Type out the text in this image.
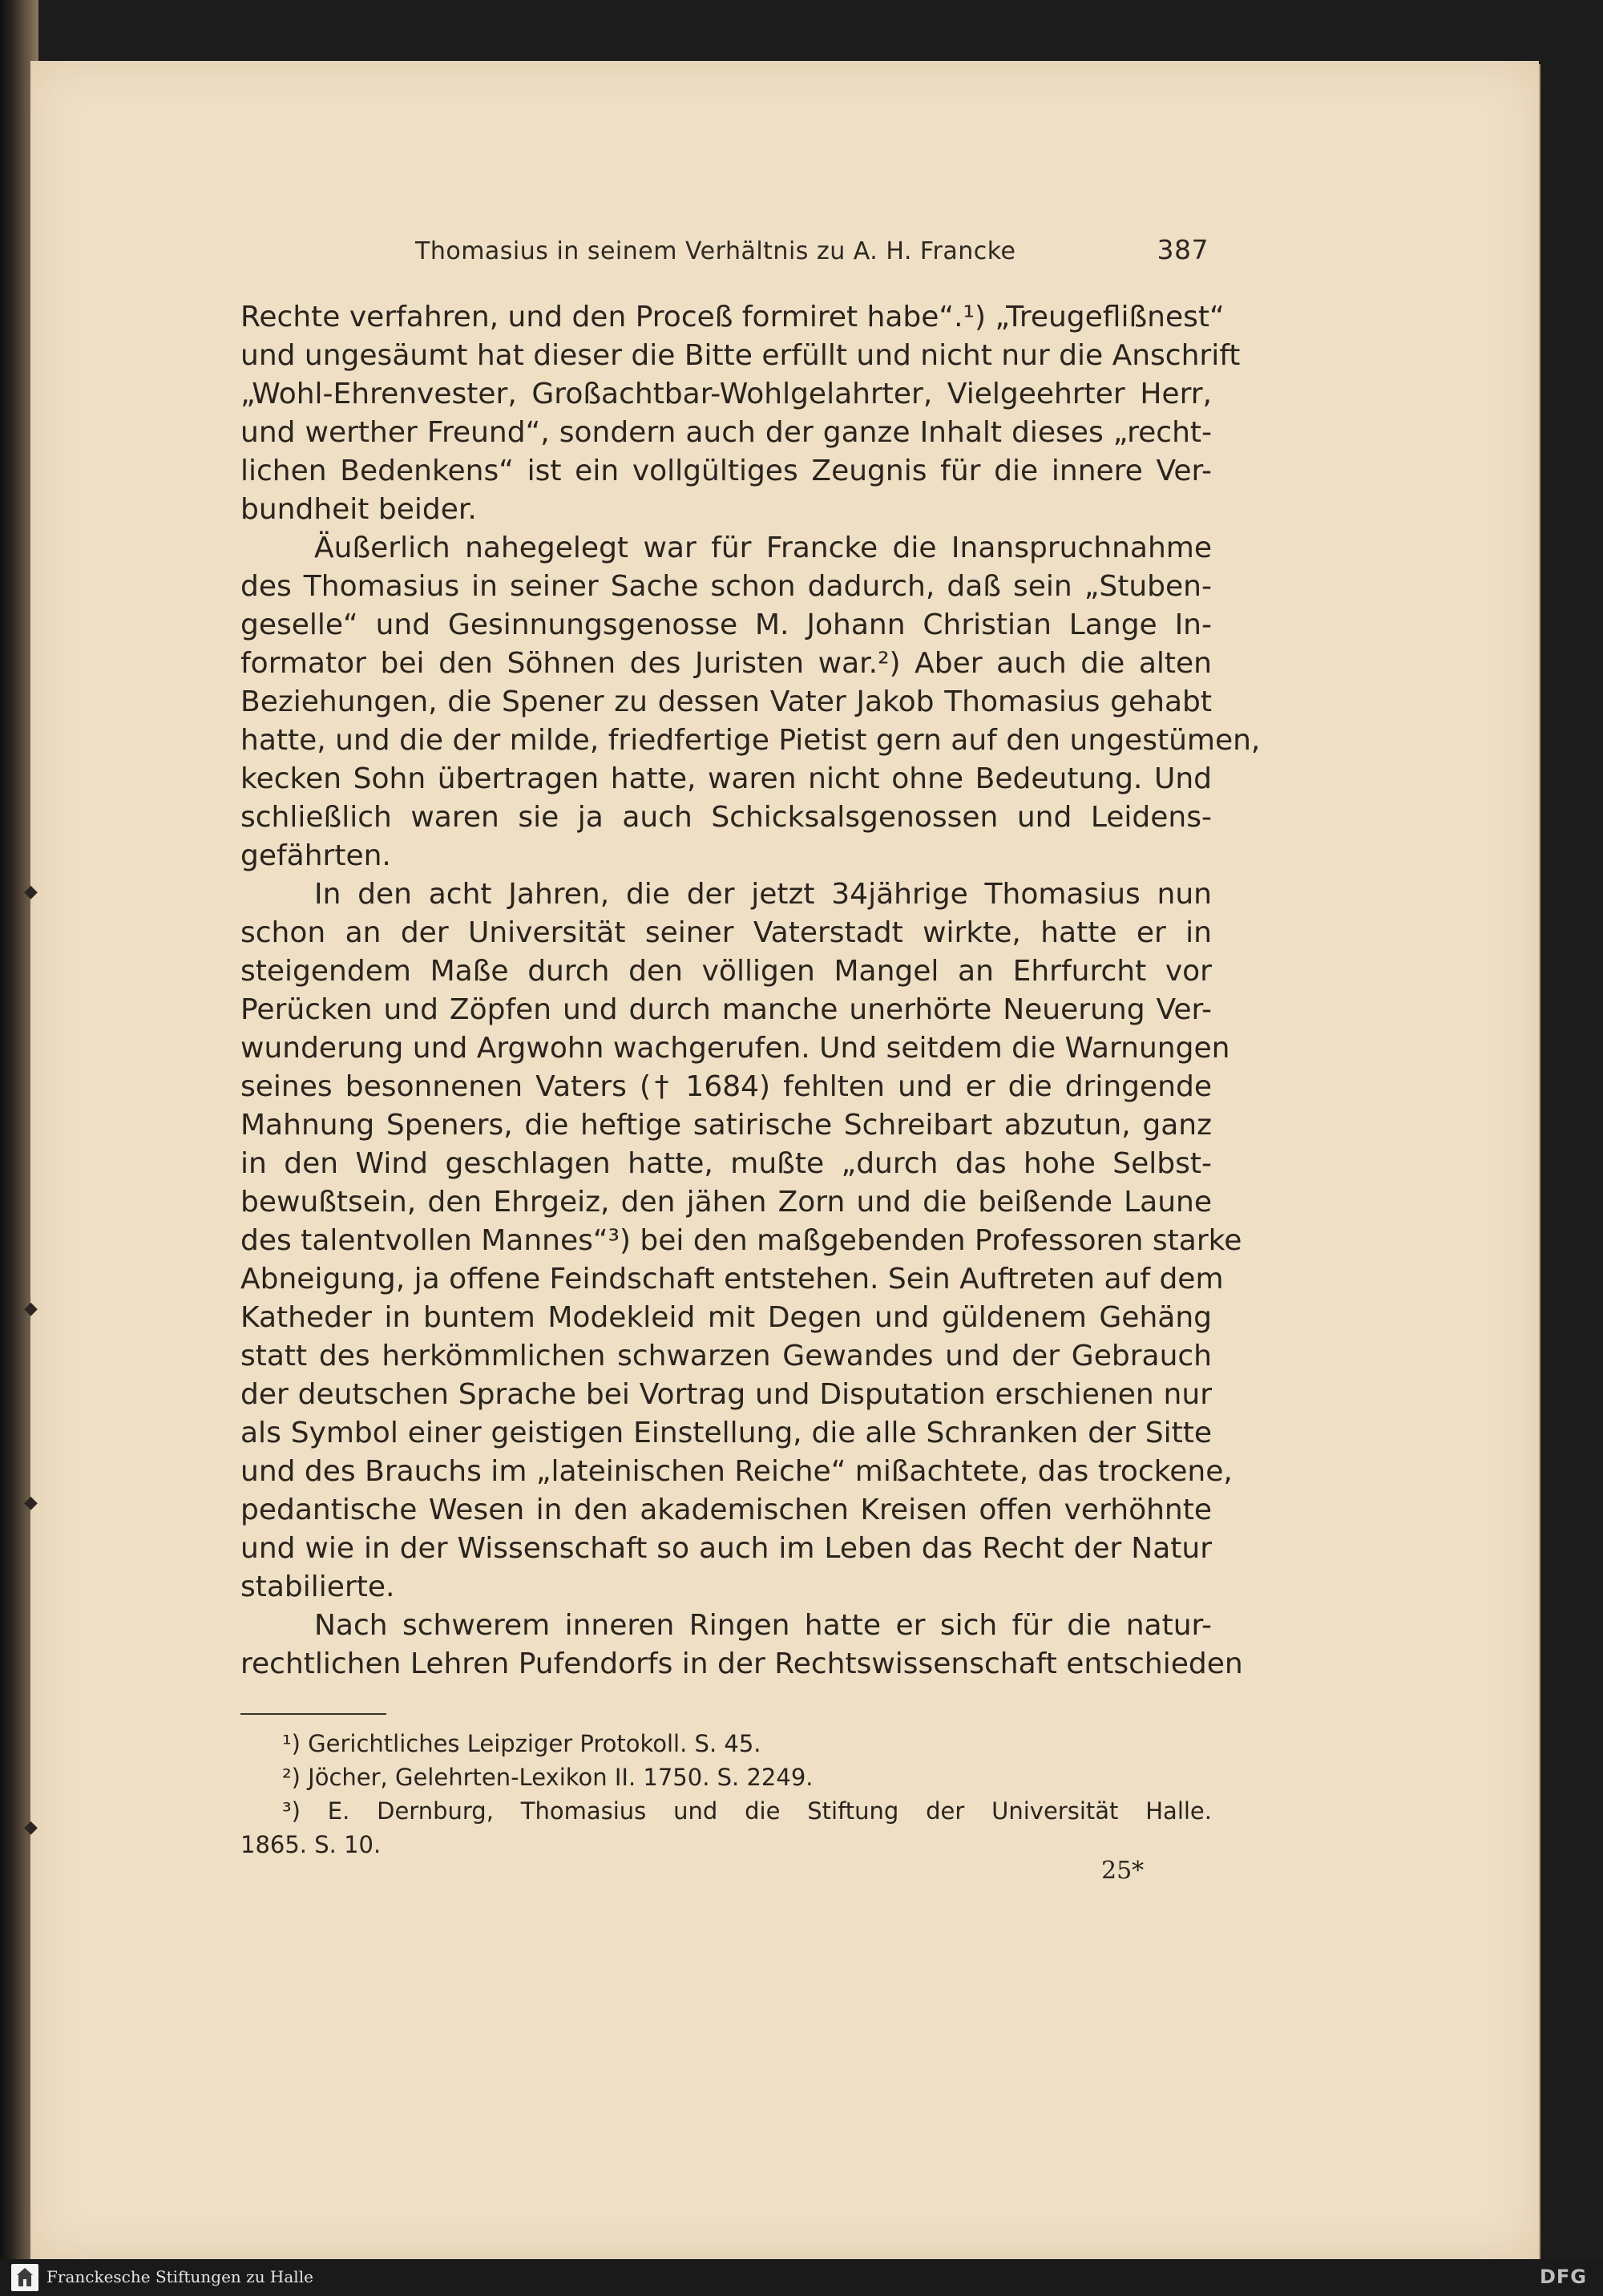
◆
◆
◆
◆
Thomasius in seinem Verhältnis zu A. H. Francke	387
Rechte verfahren, und den Proceß formiret habe“.¹) „Treugeflißnest“
und ungesäumt hat dieser die Bitte erfüllt und nicht nur die Anschrift
„Wohl-Ehrenvester, Großachtbar-Wohlgelahrter, Vielgeehrter Herr,
und werther Freund“, sondern auch der ganze Inhalt dieses „recht-
lichen Bedenkens“ ist ein vollgültiges Zeugnis für die innere Ver-
bundheit beider.
Äußerlich nahegelegt war für Francke die Inanspruchnahme
des Thomasius in seiner Sache schon dadurch, daß sein „Stuben-
geselle“ und Gesinnungsgenosse M. Johann Christian Lange In-
formator bei den Söhnen des Juristen war.²) Aber auch die alten
Beziehungen, die Spener zu dessen Vater Jakob Thomasius gehabt
hatte, und die der milde, friedfertige Pietist gern auf den ungestümen,
kecken Sohn übertragen hatte, waren nicht ohne Bedeutung. Und
schließlich waren sie ja auch Schicksalsgenossen und Leidens-
gefährten.
In den acht Jahren, die der jetzt 34jährige Thomasius nun
schon an der Universität seiner Vaterstadt wirkte, hatte er in
steigendem Maße durch den völligen Mangel an Ehrfurcht vor
Perücken und Zöpfen und durch manche unerhörte Neuerung Ver-
wunderung und Argwohn wachgerufen. Und seitdem die Warnungen
seines besonnenen Vaters († 1684) fehlten und er die dringende
Mahnung Speners, die heftige satirische Schreibart abzutun, ganz
in den Wind geschlagen hatte, mußte „durch das hohe Selbst-
bewußtsein, den Ehrgeiz, den jähen Zorn und die beißende Laune
des talentvollen Mannes“³) bei den maßgebenden Professoren starke
Abneigung, ja offene Feindschaft entstehen. Sein Auftreten auf dem
Katheder in buntem Modekleid mit Degen und güldenem Gehäng
statt des herkömmlichen schwarzen Gewandes und der Gebrauch
der deutschen Sprache bei Vortrag und Disputation erschienen nur
als Symbol einer geistigen Einstellung, die alle Schranken der Sitte
und des Brauchs im „lateinischen Reiche“ mißachtete, das trockene,
pedantische Wesen in den akademischen Kreisen offen verhöhnte
und wie in der Wissenschaft so auch im Leben das Recht der Natur
stabilierte.
Nach schwerem inneren Ringen hatte er sich für die natur-
rechtlichen Lehren Pufendorfs in der Rechtswissenschaft entschieden
¹) Gerichtliches Leipziger Protokoll. S. 45.
²) Jöcher, Gelehrten-Lexikon II. 1750. S. 2249.
³) E. Dernburg, Thomasius und die Stiftung der Universität Halle.
1865. S. 10.
25*
Franckesche Stiftungen zu Halle	DFG
